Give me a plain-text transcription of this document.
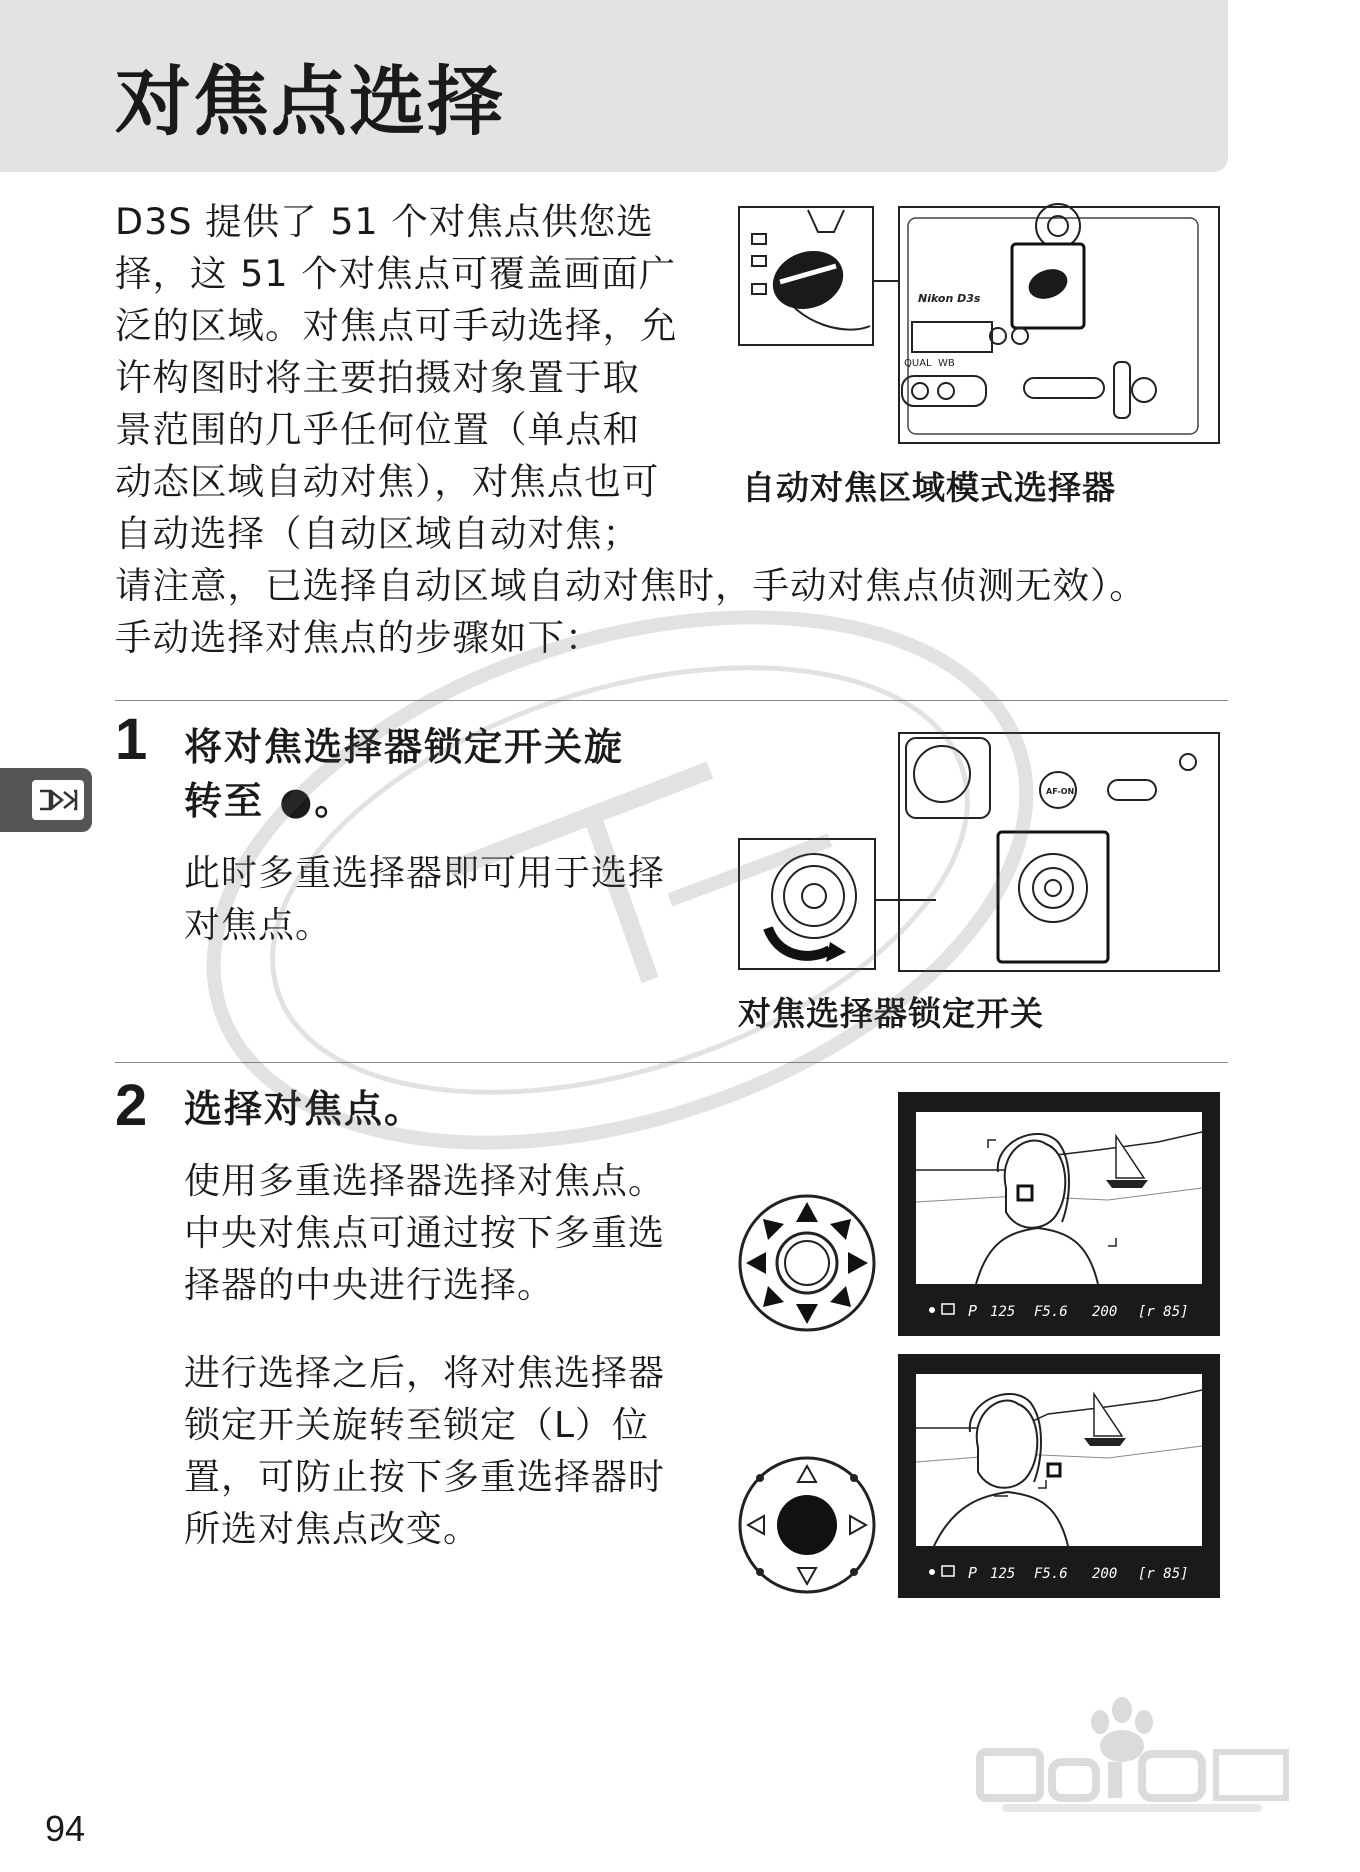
对焦点选择
D3S 提供了 51 个对焦点供您选
择，这 51 个对焦点可覆盖画面广
泛的区域。对焦点可手动选择，允
许构图时将主要拍摄对象置于取
景范围的几乎任何位置（单点和
动态区域自动对焦），对焦点也可
自动选择（自动区域自动对焦；
请注意，已选择自动区域自动对焦时，手动对焦点侦测无效）。
手动选择对焦点的步骤如下：
Nikon D3s
QUAL WB
自动对焦区域模式选择器
1 将对焦选择器锁定开关旋
转至 ●。
此时多重选择器即可用于选择
对焦点。
AF-ON
对焦选择器锁定开关
2 选择对焦点。
使用多重选择器选择对焦点。
中央对焦点可通过按下多重选
择器的中央进行选择。
进行选择之后，将对焦选择器
锁定开关旋转至锁定（L）位
置，可防止按下多重选择器时
所选对焦点改变。
P 125 F5.6 200 [r 85]
P 125 F5.6 200 [r 85]
94
